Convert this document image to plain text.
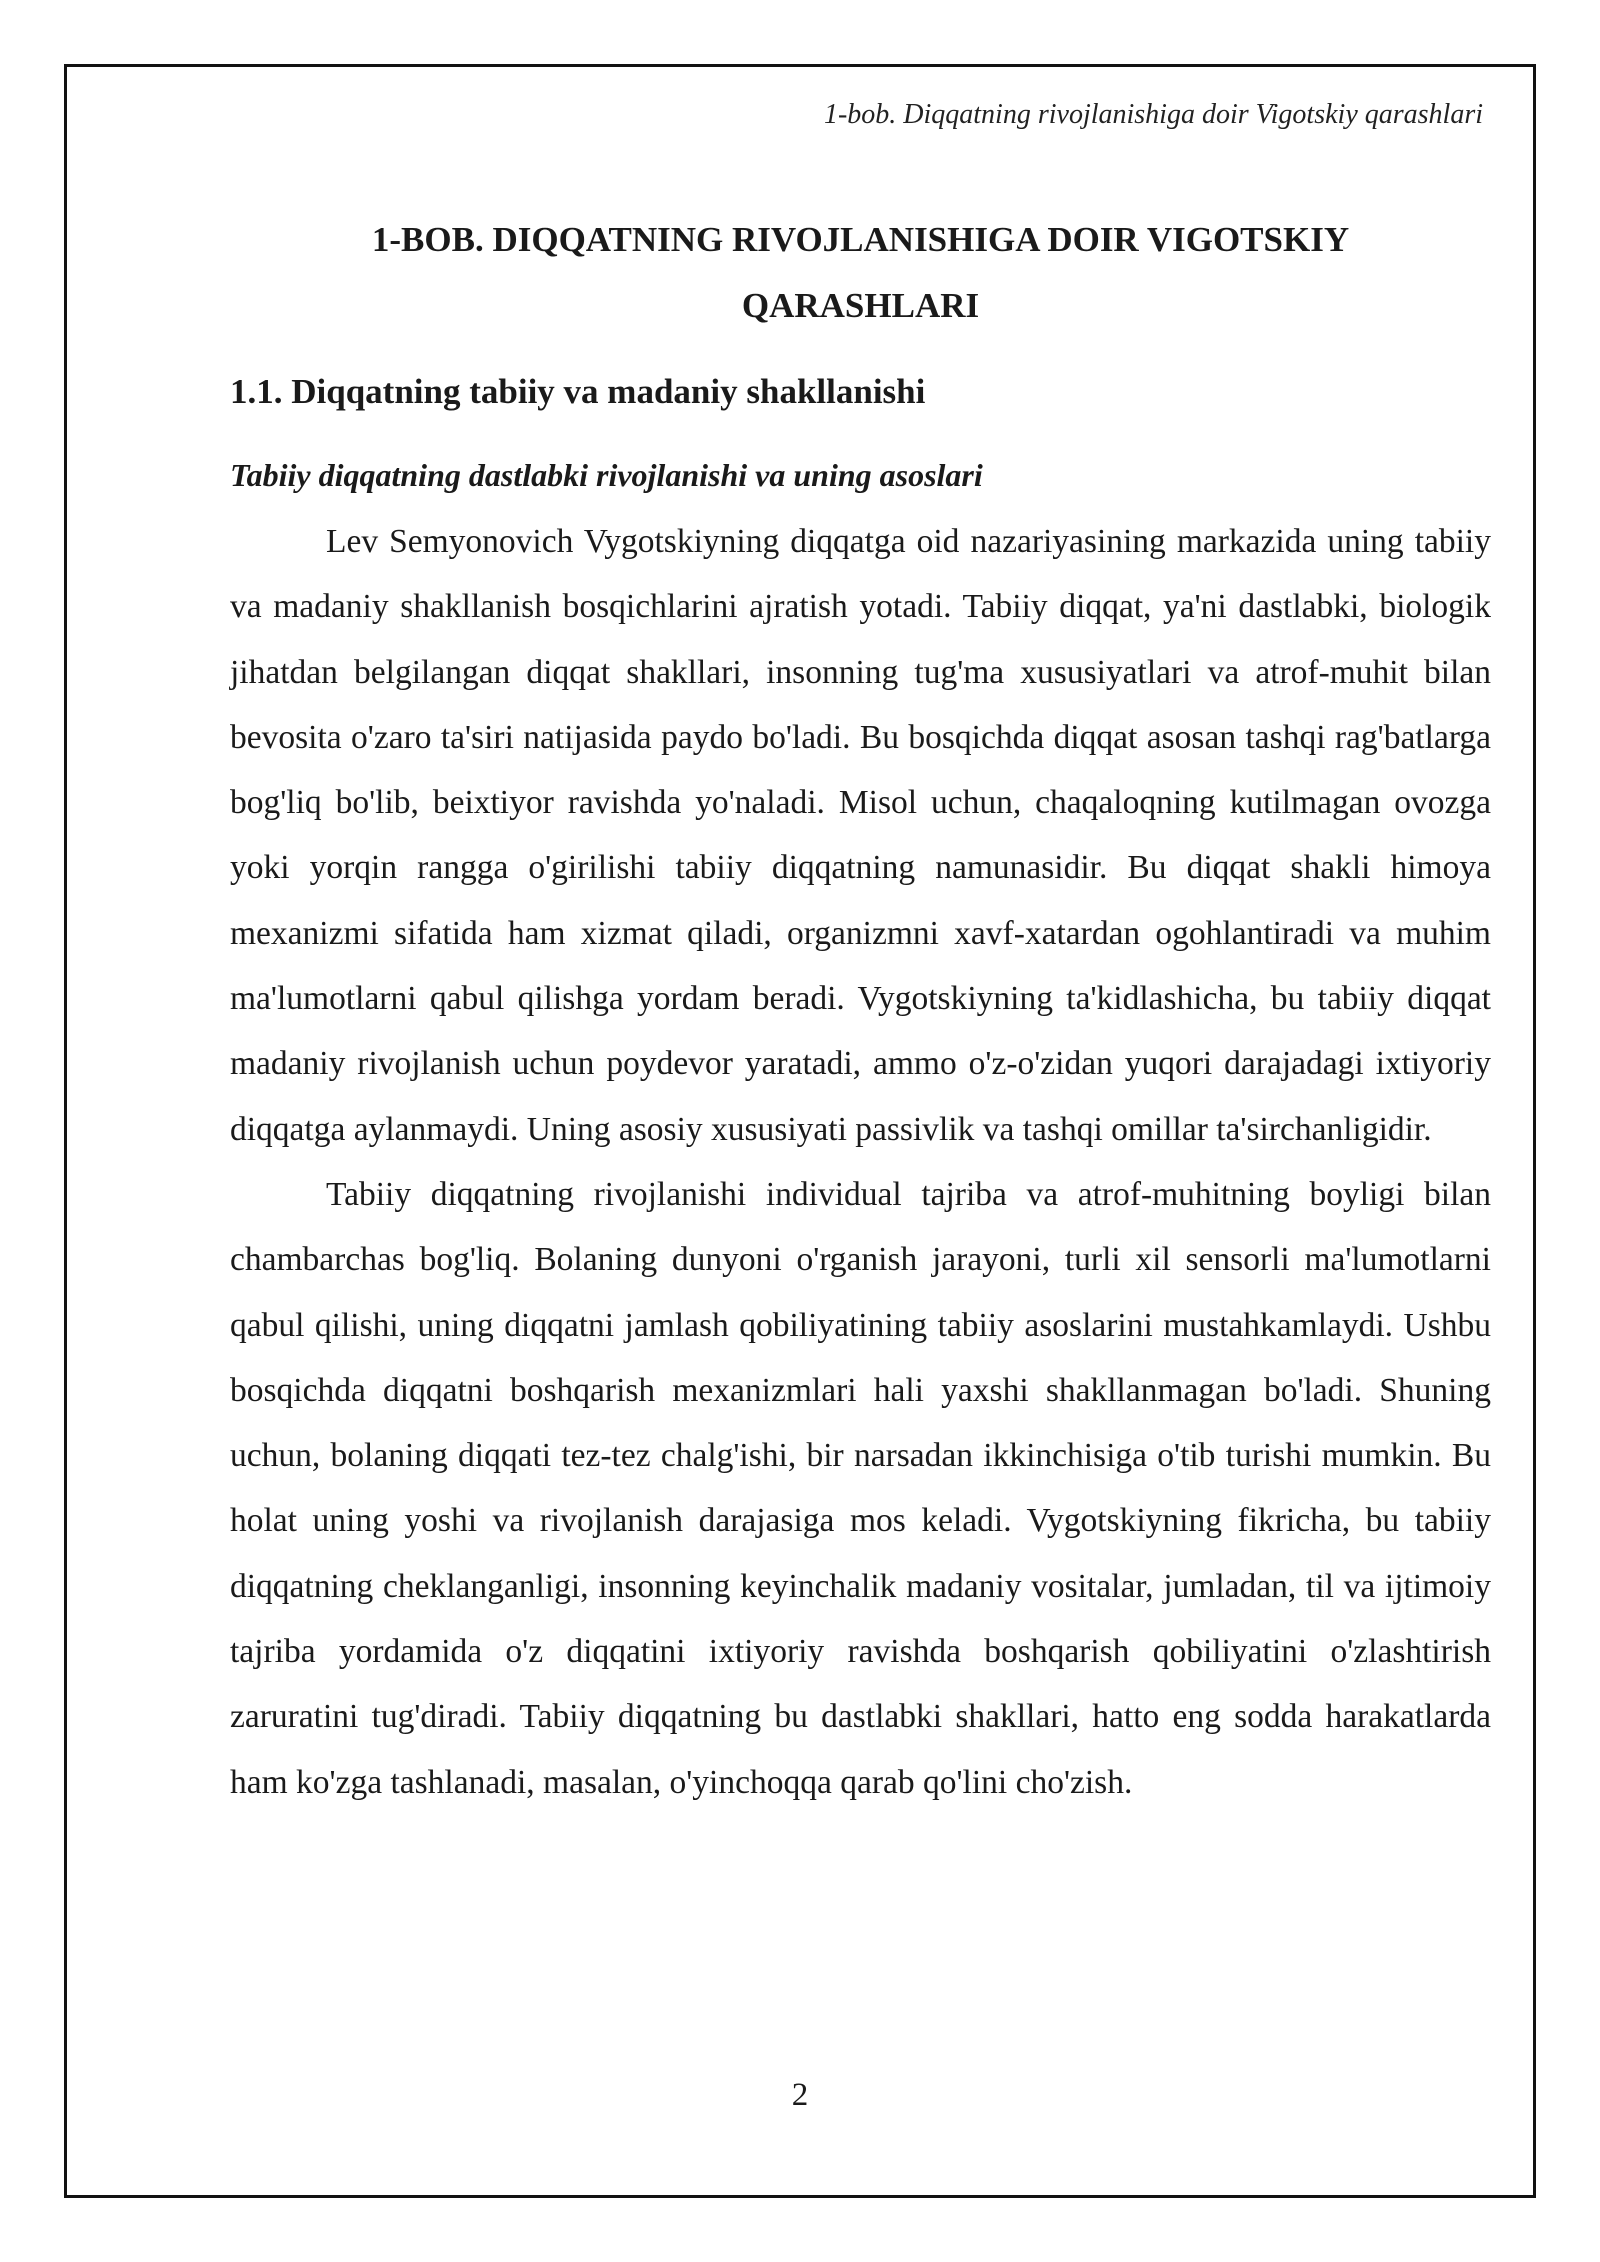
1-bob. Diqqatning rivojlanishiga doir Vigotskiy qarashlari
1-BOB. DIQQATNING RIVOJLANISHIGA DOIR VIGOTSKIY
QARASHLARI
1.1. Diqqatning tabiiy va madaniy shakllanishi
Tabiiy diqqatning dastlabki rivojlanishi va uning asoslari

Lev Semyonovich Vygotskiyning diqqatga oid nazariyasining markazida uning tabiiy va madaniy shakllanish bosqichlarini ajratish yotadi. Tabiiy diqqat, ya'ni dastlabki, biologik jihatdan belgilangan diqqat shakllari, insonning tug'ma xususiyatlari va atrof-muhit bilan bevosita o'zaro ta'siri natijasida paydo bo'ladi. Bu bosqichda diqqat asosan tashqi rag'batlarga bog'liq bo'lib, beixtiyor ravishda yo'naladi. Misol uchun, chaqaloqning kutilmagan ovozga yoki yorqin rangga o'girilishi tabiiy diqqatning namunasidir. Bu diqqat shakli himoya mexanizmi sifatida ham xizmat qiladi, organizmni xavf-xatardan ogohlantiradi va muhim ma'lumotlarni qabul qilishga yordam beradi. Vygotskiyning ta'kidlashicha, bu tabiiy diqqat madaniy rivojlanish uchun poydevor yaratadi, ammo o'z-o'zidan yuqori darajadagi ixtiyoriy diqqatga aylanmaydi. Uning asosiy xususiyati passivlik va tashqi omillar ta'sirchanligidir.

Tabiiy diqqatning rivojlanishi individual tajriba va atrof-muhitning boyligi bilan chambarchas bog'liq. Bolaning dunyoni o'rganish jarayoni, turli xil sensorli ma'lumotlarni qabul qilishi, uning diqqatni jamlash qobiliyatining tabiiy asoslarini mustahkamlaydi. Ushbu bosqichda diqqatni boshqarish mexanizmlari hali yaxshi shakllanmagan bo'ladi. Shuning uchun, bolaning diqqati tez-tez chalg'ishi, bir narsadan ikkinchisiga o'tib turishi mumkin. Bu holat uning yoshi va rivojlanish darajasiga mos keladi. Vygotskiyning fikricha, bu tabiiy diqqatning cheklanganligi, insonning keyinchalik madaniy vositalar, jumladan, til va ijtimoiy tajriba yordamida o'z diqqatini ixtiyoriy ravishda boshqarish qobiliyatini o'zlashtirish zaruratini tug'diradi. Tabiiy diqqatning bu dastlabki shakllari, hatto eng sodda harakatlarda ham ko'zga tashlanadi, masalan, o'yinchoqqa qarab qo'lini cho'zish.

2
